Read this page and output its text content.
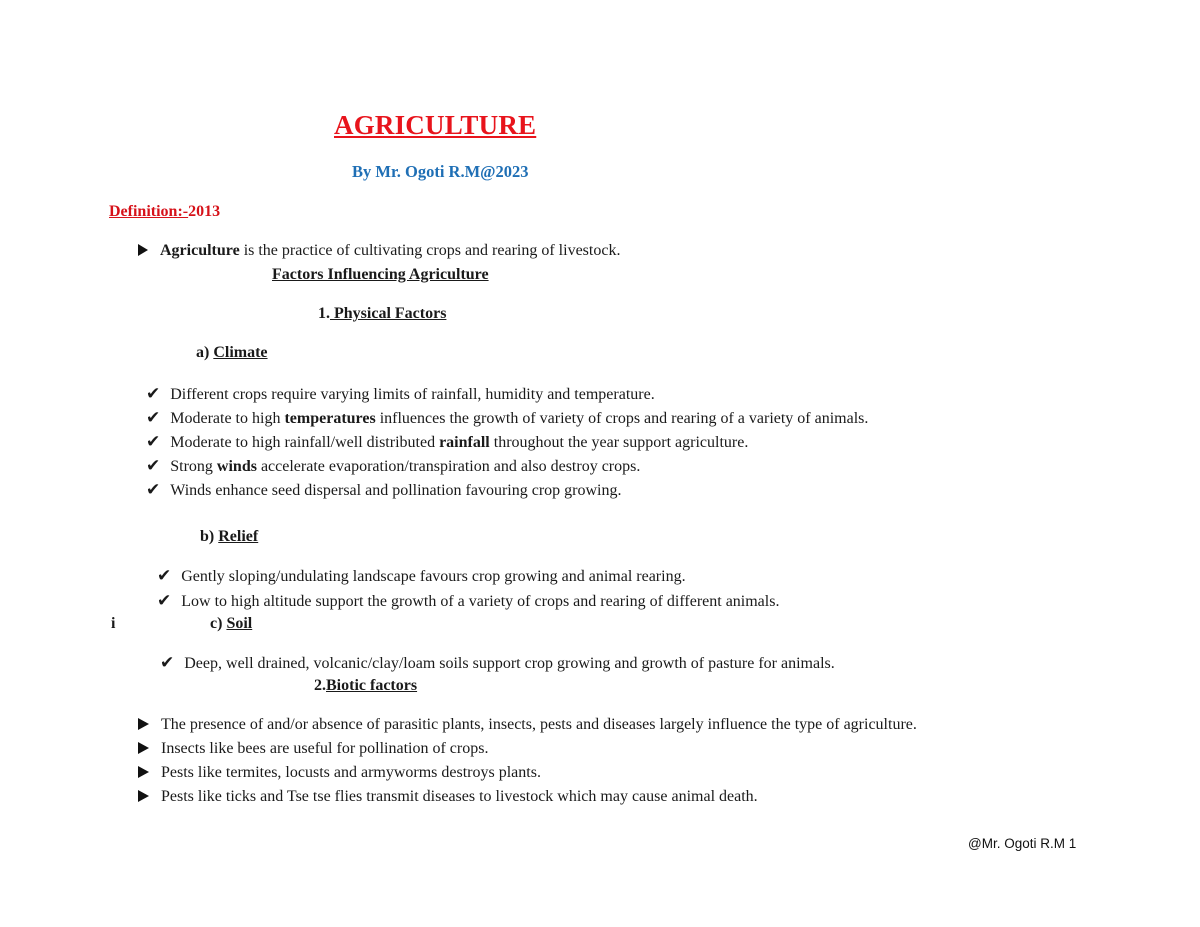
AGRICULTURE
By Mr. Ogoti R.M@2023
Definition:-2013
Agriculture is the practice of cultivating crops and rearing of livestock.
Factors Influencing Agriculture
1. Physical Factors
a) Climate
✔ Different crops require varying limits of rainfall, humidity and temperature.
✔ Moderate to high temperatures influences the growth of variety of crops and rearing of a variety of animals.
✔ Moderate to high rainfall/well distributed rainfall throughout the year support agriculture.
✔ Strong winds accelerate evaporation/transpiration and also destroy crops.
✔ Winds enhance seed dispersal and pollination favouring crop growing.
b) Relief
✔ Gently sloping/undulating landscape favours crop growing and animal rearing.
✔ Low to high altitude support the growth of a variety of crops and rearing of different animals.
i	c) Soil
✔ Deep, well drained, volcanic/clay/loam soils support crop growing and growth of pasture for animals.
2.Biotic factors
The presence of and/or absence of parasitic plants, insects, pests and diseases largely influence the type of agriculture.
Insects like bees are useful for pollination of crops.
Pests like termites, locusts and armyworms destroys plants.
Pests like ticks and Tse tse flies transmit diseases to livestock which may cause animal death.
@Mr. Ogoti R.M 1
